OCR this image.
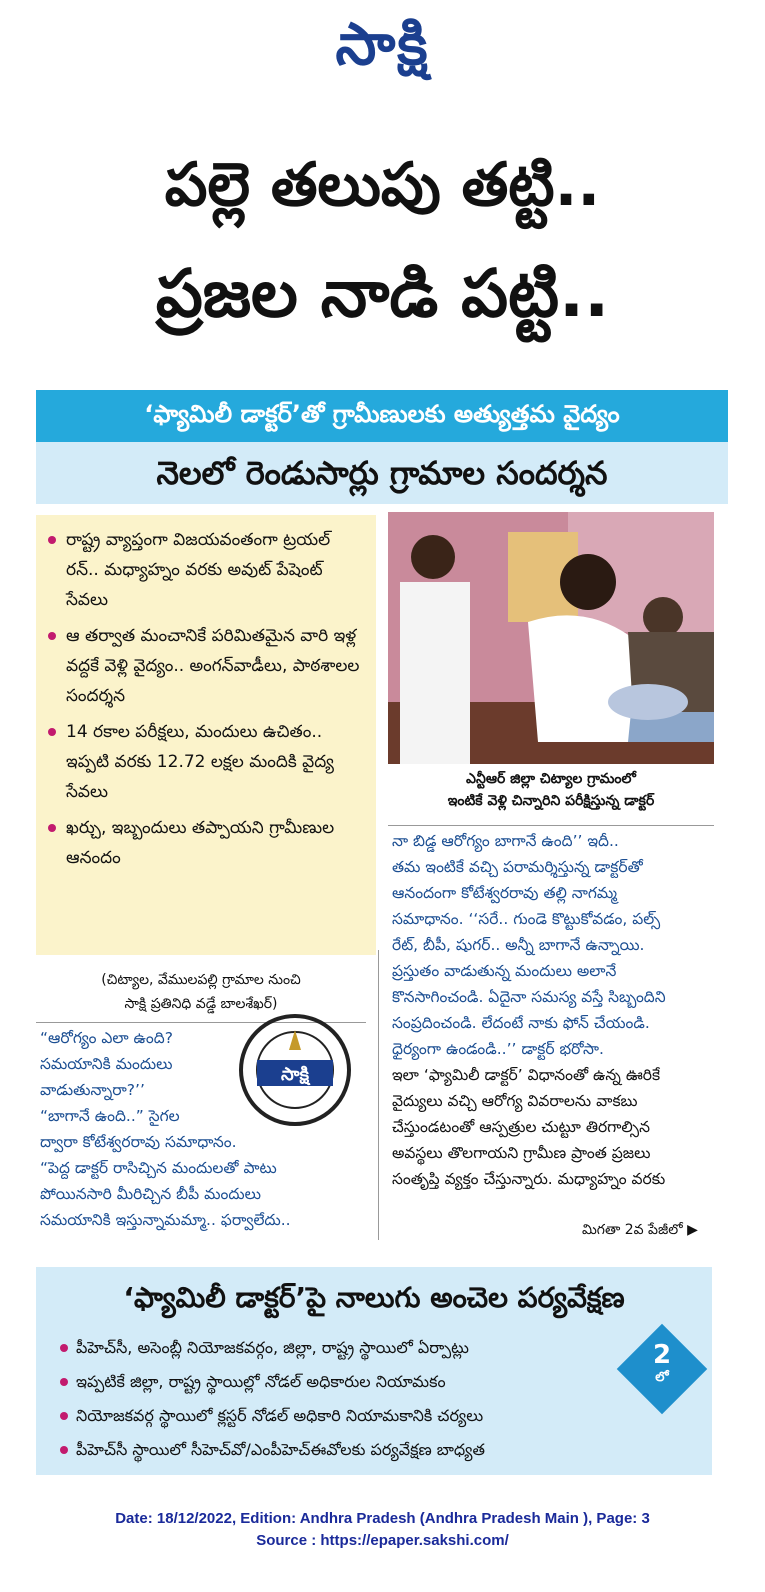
సాక్షి
పల్లె తలుపు తట్టి..
ప్రజల నాడి పట్టి..
‘ఫ్యామిలీ డాక్టర్’తో గ్రామీణులకు అత్యుత్తమ వైద్యం
నెలలో రెండుసార్లు గ్రామాల సందర్శన
రాష్ట్ర వ్యాప్తంగా విజయవంతంగా ట్రయల్ రన్.. మధ్యాహ్నం వరకు అవుట్ పేషెంట్ సేవలు
ఆ తర్వాత మంచానికే పరిమితమైన వారి ఇళ్ల వద్దకే వెళ్లి వైద్యం.. అంగన్‌వాడీలు, పాఠశాలల సందర్శన
14 రకాల పరీక్షలు, మందులు ఉచితం.. ఇప్పటి వరకు 12.72 లక్షల మందికి వైద్య సేవలు
ఖర్చు, ఇబ్బందులు తప్పాయని గ్రామీణుల ఆనందం
ఎన్టీఆర్ జిల్లా చిట్యాల గ్రామంలో
ఇంటికే వెళ్లి చిన్నారిని పరీక్షిస్తున్న డాక్టర్
(చిట్యాల, వేములపల్లి గ్రామాల నుంచి
సాక్షి ప్రతినిధి వడ్డే బాలశేఖర్)
“ఆరోగ్యం ఎలా ఉంది?
సమయానికి మందులు
వాడుతున్నారా?’’
“బాగానే ఉంది..” సైగల
ద్వారా కోటేశ్వరరావు సమాధానం.
“పెద్ద డాక్టర్ రాసిచ్చిన మందులతో పాటు
పోయినసారి మీరిచ్చిన బీపీ మందులు
సమయానికి ఇస్తున్నామమ్మా.. ఫర్వాలేదు..
సాక్షి
నా బిడ్డ ఆరోగ్యం బాగానే ఉంది’’ ఇదీ..
తమ ఇంటికే వచ్చి పరామర్శిస్తున్న డాక్టర్‌తో
ఆనందంగా కోటేశ్వరరావు తల్లి నాగమ్మ
సమాధానం. ‘‘సరే.. గుండె కొట్టుకోవడం, పల్స్
రేట్, బీపీ, షుగర్.. అన్నీ బాగానే ఉన్నాయి.
ప్రస్తుతం వాడుతున్న మందులు అలానే
కొనసాగించండి. ఏదైనా సమస్య వస్తే సిబ్బందిని
సంప్రదించండి. లేదంటే నాకు ఫోన్ చేయండి.
ధైర్యంగా ఉండండి..’’ డాక్టర్ భరోసా.
ఇలా ‘ఫ్యామిలీ డాక్టర్’ విధానంతో ఉన్న ఊరికే
వైద్యులు వచ్చి ఆరోగ్య వివరాలను వాకబు
చేస్తుండటంతో ఆస్పత్రుల చుట్టూ తిరగాల్సిన
అవస్థలు తొలగాయని గ్రామీణ ప్రాంత ప్రజలు
సంతృప్తి వ్యక్తం చేస్తున్నారు. మధ్యాహ్నం వరకు
మిగతా 2వ పేజీలో ▶
‘ఫ్యామిలీ డాక్టర్’పై నాలుగు అంచెల పర్యవేక్షణ
పీహెచ్‌సీ, అసెంబ్లీ నియోజకవర్గం, జిల్లా, రాష్ట్ర స్థాయిలో ఏర్పాట్లు
ఇప్పటికే జిల్లా, రాష్ట్ర స్థాయిల్లో నోడల్ అధికారుల నియామకం
నియోజకవర్గ స్థాయిలో క్లస్టర్ నోడల్ అధికారి నియామకానికి చర్యలు
పీహెచ్‌సీ స్థాయిలో సీహెచ్‌వో/ఎంపీహెచ్‌ఈవోలకు పర్యవేక్షణ బాధ్యత
2
లో
Date: 18/12/2022, Edition: Andhra Pradesh (Andhra Pradesh Main ), Page: 3
Source : https://epaper.sakshi.com/
